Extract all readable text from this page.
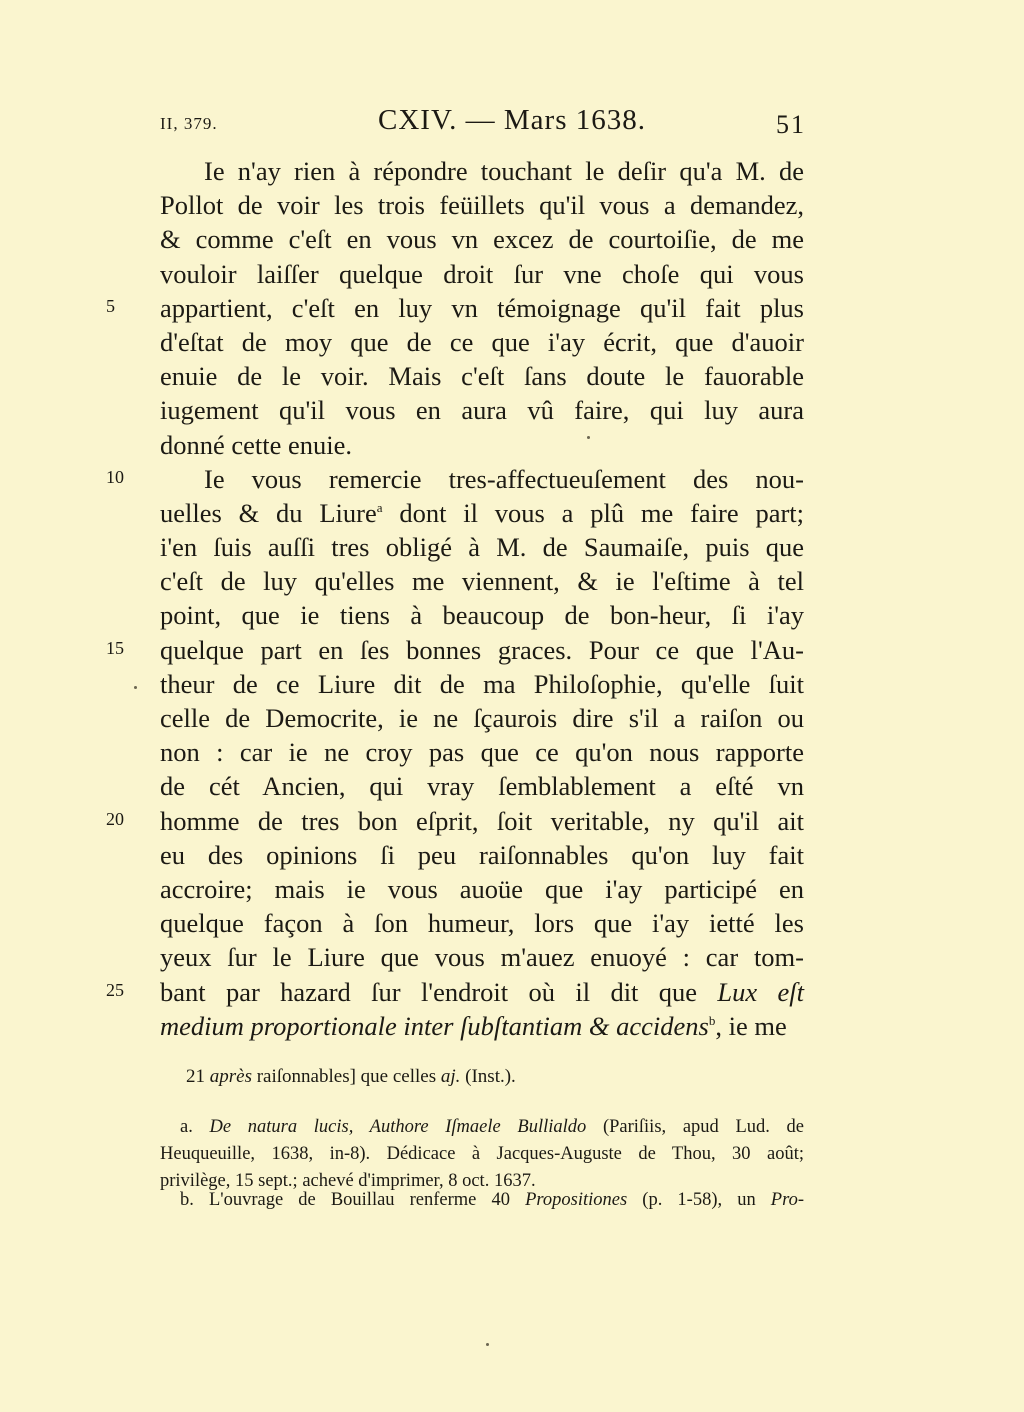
II, 379.	CXIV. — Mars 1638.	51
Ie n'ay rien à répondre touchant le deſir qu'a M. de
Pollot de voir les trois feüillets qu'il vous a demandez,
& comme c'eſt en vous vn excez de courtoiſie, de me
vouloir laiſſer quelque droit ſur vne choſe qui vous
appartient, c'eſt en luy vn témoignage qu'il fait plus
d'eſtat de moy que de ce que i'ay écrit, que d'auoir
enuie de le voir. Mais c'eſt ſans doute le fauorable
iugement qu'il vous en aura vû faire, qui luy aura
donné cette enuie.
Ie vous remercie tres-affectueuſement des nou-
uelles & du Liure$^a$ dont il vous a plû me faire part;
i'en ſuis auſſi tres obligé à M. de Saumaiſe, puis que
c'eſt de luy qu'elles me viennent, & ie l'eſtime à tel
point, que ie tiens à beaucoup de bon-heur, ſi i'ay
quelque part en ſes bonnes graces. Pour ce que l'Au-
theur de ce Liure dit de ma Philoſophie, qu'elle ſuit
celle de Democrite, ie ne ſçaurois dire s'il a raiſon ou
non : car ie ne croy pas que ce qu'on nous rapporte
de cét Ancien, qui vray ſemblablement a eſté vn
homme de tres bon eſprit, ſoit veritable, ny qu'il ait
eu des opinions ſi peu raiſonnables qu'on luy fait
accroire; mais ie vous auoüe que i'ay participé en
quelque façon à ſon humeur, lors que i'ay ietté les
yeux ſur le Liure que vous m'auez enuoyé : car tom-
bant par hazard ſur l'endroit où il dit que Lux eſt
medium proportionale inter ſubſtantiam & accidens$^b$, ie me
5
10
15
20
25
21 après raiſonnables] que celles aj. (Inst.).
a. De natura lucis, Authore Iſmaele Bullialdo (Pariſiis, apud Lud. de
Heuqueuille, 1638, in-8). Dédicace à Jacques-Auguste de Thou, 30 août;
privilège, 15 sept.; achevé d'imprimer, 8 oct. 1637.
b. L'ouvrage de Bouillau renferme 40 Propositiones (p. 1-58), un Pro-
